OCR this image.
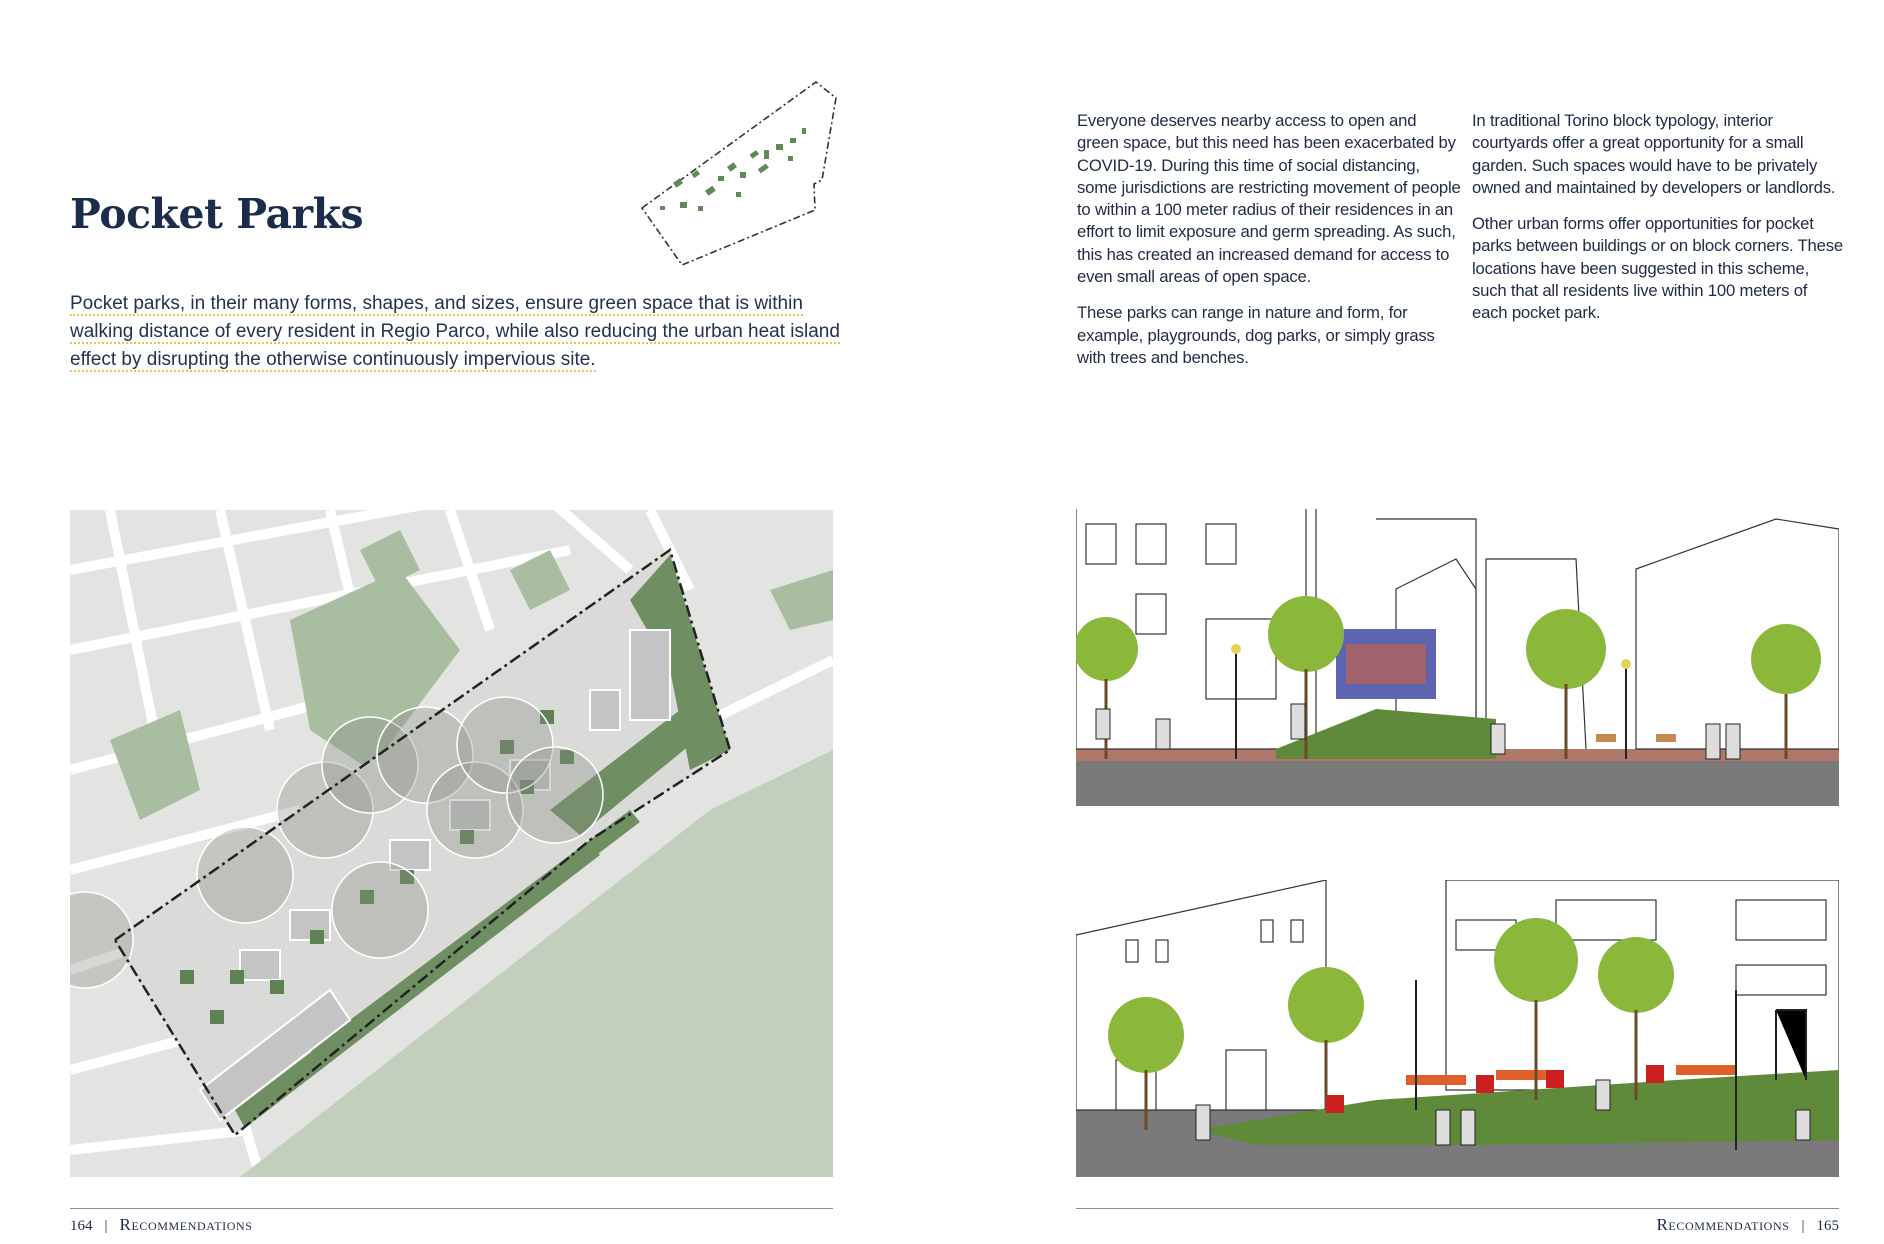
Pocket Parks
Pocket parks, in their many forms, shapes, and sizes, ensure green space that is within walking distance of every resident in Regio Parco, while also reducing the urban heat island effect by disrupting the otherwise continuously impervious site.

Everyone deserves nearby access to open and green space, but this need has been exacerbated by COVID-19. During this time of social distancing, some jurisdictions are restricting movement of people to within a 100 meter radius of their residences in an effort to limit exposure and germ spreading. As such, this has created an increased demand for access to even small areas of open space.

These parks can range in nature and form, for example, playgrounds, dog parks, or simply grass with trees and benches.

In traditional Torino block typology, interior courtyards offer a great opportunity for a small garden. Such spaces would have to be privately owned and maintained by developers or landlords.

Other urban forms offer opportunities for pocket parks between buildings or on block corners. These locations have been suggested in this scheme, such that all residents live within 100 meters of each pocket park.

164 | Recommendations	Recommendations | 165
